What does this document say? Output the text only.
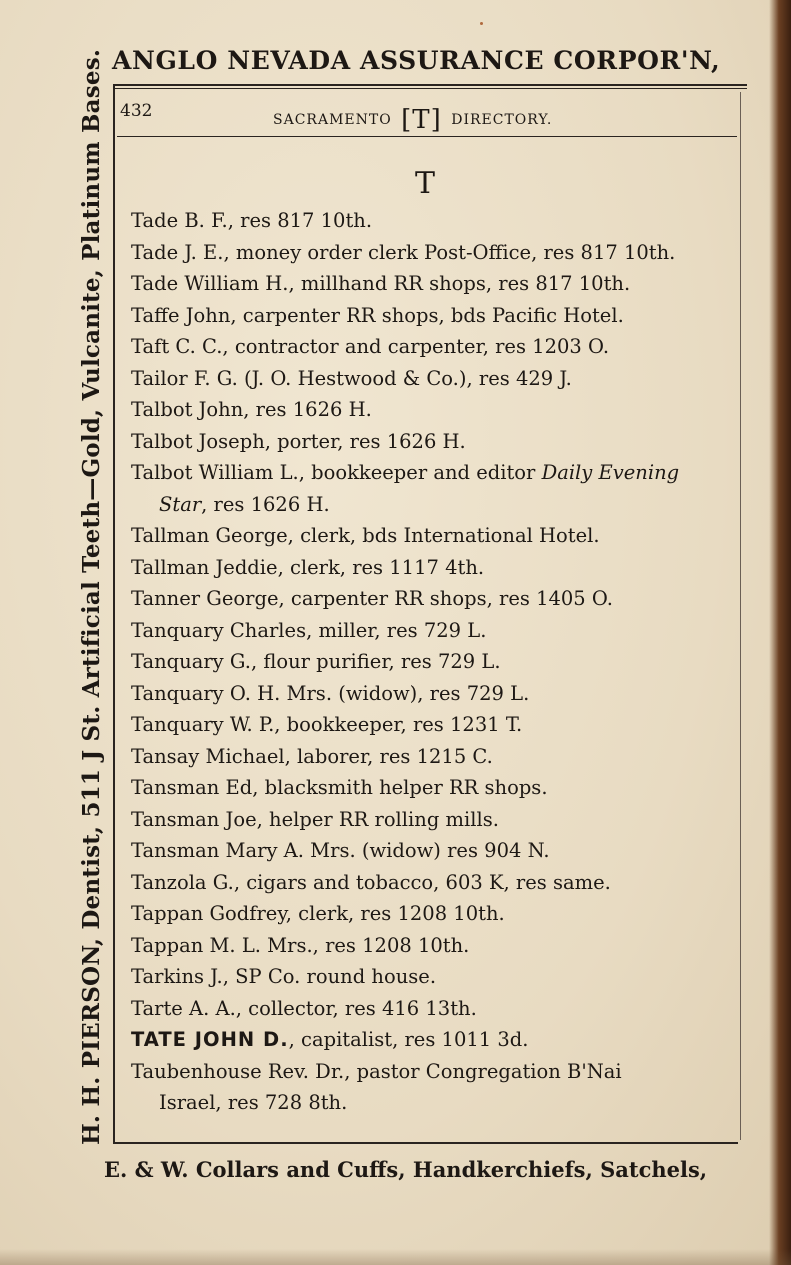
ANGLO NEVADA ASSURANCE CORPOR'N,
H. H. PIERSON, Dentist, 511 J St. Artificial Teeth—Gold, Vulcanite, Platinum Bases.
E. & W. Collars and Cuffs, Handkerchiefs, Satchels,
432	SACRAMENTO [T] DIRECTORY.
T
Tade B. F., res 817 10th.
Tade J. E., money order clerk Post-Office, res 817 10th.
Tade William H., millhand RR shops, res 817 10th.
Taffe John, carpenter RR shops, bds Pacific Hotel.
Taft C. C., contractor and carpenter, res 1203 O.
Tailor F. G. (J. O. Hestwood & Co.), res 429 J.
Talbot John, res 1626 H.
Talbot Joseph, porter, res 1626 H.
Talbot William L., bookkeeper and editor Daily Evening
Star, res 1626 H.
Tallman George, clerk, bds International Hotel.
Tallman Jeddie, clerk, res 1117 4th.
Tanner George, carpenter RR shops, res 1405 O.
Tanquary Charles, miller, res 729 L.
Tanquary G., flour purifier, res 729 L.
Tanquary O. H. Mrs. (widow), res 729 L.
Tanquary W. P., bookkeeper, res 1231 T.
Tansay Michael, laborer, res 1215 C.
Tansman Ed, blacksmith helper RR shops.
Tansman Joe, helper RR rolling mills.
Tansman Mary A. Mrs. (widow) res 904 N.
Tanzola G., cigars and tobacco, 603 K, res same.
Tappan Godfrey, clerk, res 1208 10th.
Tappan M. L. Mrs., res 1208 10th.
Tarkins J., SP Co. round house.
Tarte A. A., collector, res 416 13th.
TATE JOHN D., capitalist, res 1011 3d.
Taubenhouse Rev. Dr., pastor Congregation B'Nai
Israel, res 728 8th.
